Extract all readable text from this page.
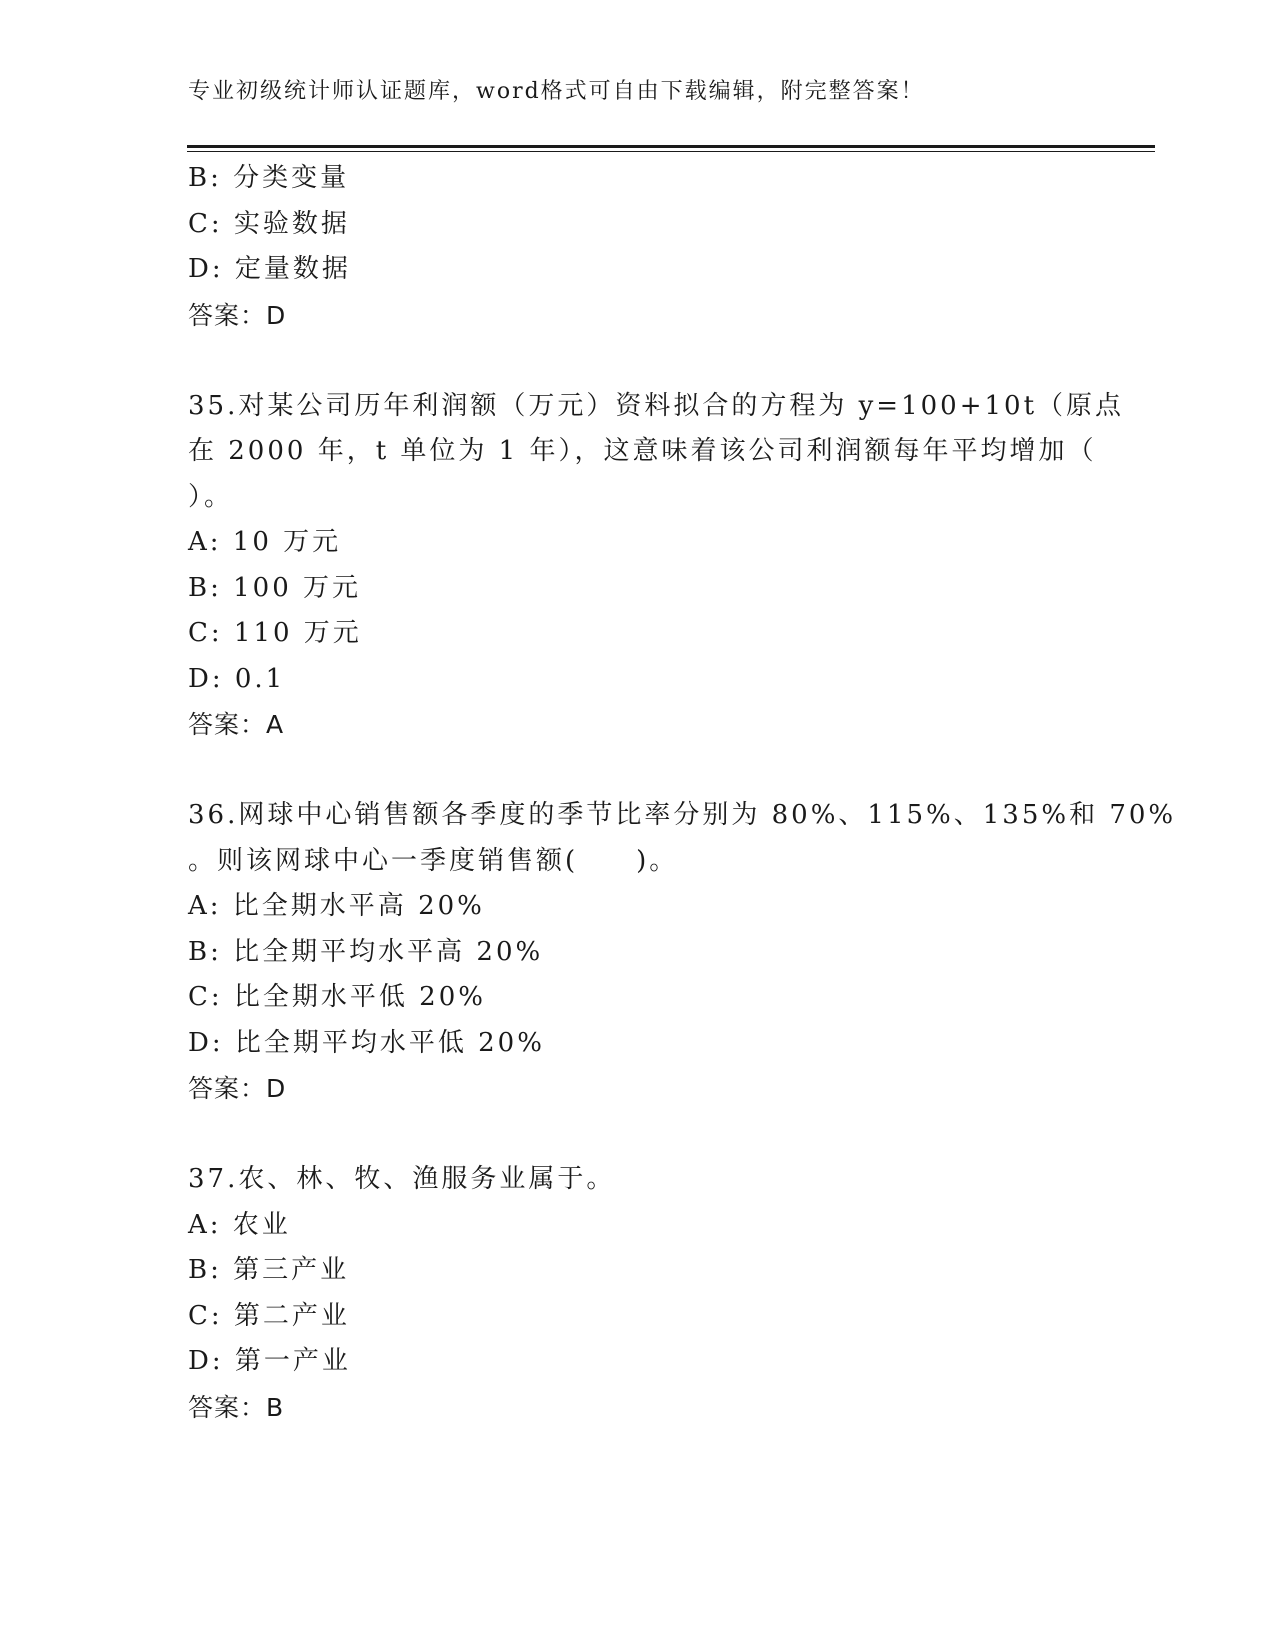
专业初级统计师认证题库，word格式可自由下载编辑，附完整答案！
B: 分类变量
C: 实验数据
D: 定量数据
答案：D
35.对某公司历年利润额（万元）资料拟合的方程为 y=100+10t（原点
在 2000 年，t 单位为 1 年），这意味着该公司利润额每年平均增加（
）。
A: 10 万元
B: 100 万元
C: 110 万元
D: 0.1
答案：A
36.网球中心销售额各季度的季节比率分别为 80%、115%、135%和 70%
。则该网球中心一季度销售额(　　)。
A: 比全期水平高 20%
B: 比全期平均水平高 20%
C: 比全期水平低 20%
D: 比全期平均水平低 20%
答案：D
37.农、林、牧、渔服务业属于。
A: 农业
B: 第三产业
C: 第二产业
D: 第一产业
答案：B
